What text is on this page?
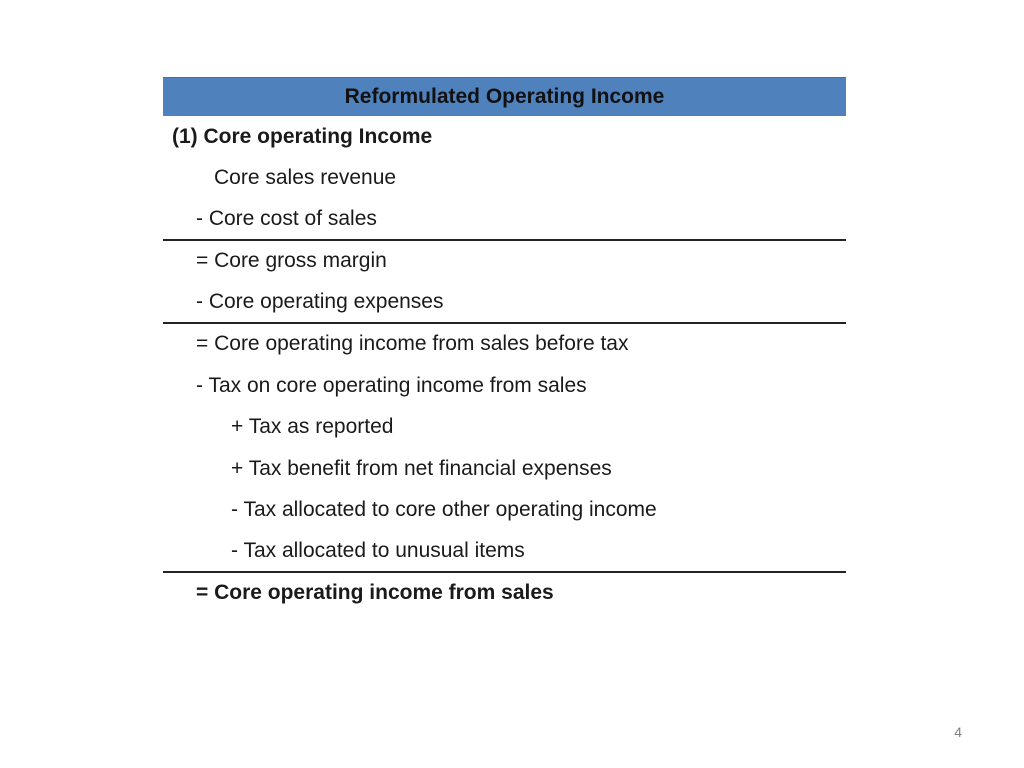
Reformulated Operating Income
(1) Core operating Income
Core sales revenue
- Core cost of sales
= Core gross margin
- Core operating expenses
= Core operating income from sales before tax
- Tax on core operating income from sales
+ Tax as reported
+ Tax benefit from net financial expenses
- Tax allocated to core other operating income
- Tax allocated to unusual items
= Core operating income from sales
4
